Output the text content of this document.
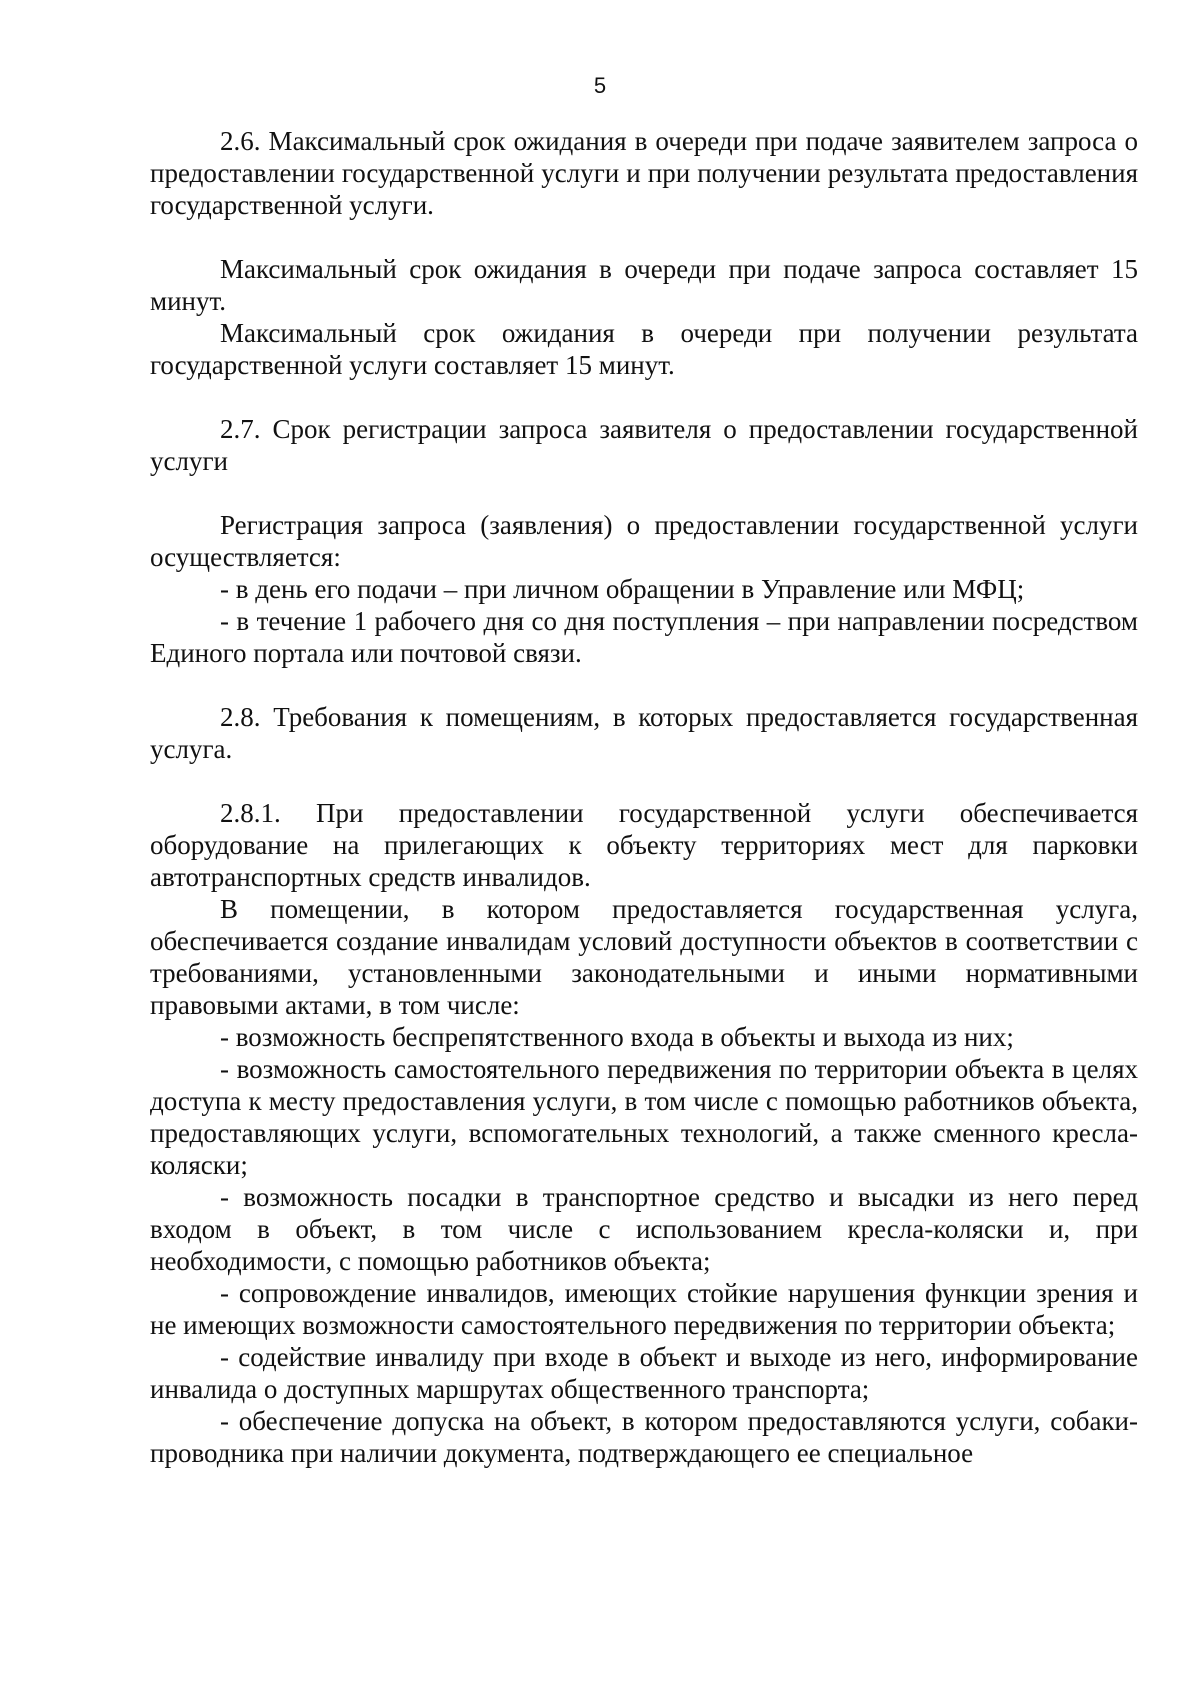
5

2.6. Максимальный срок ожидания в очереди при подаче заявителем запроса о предоставлении государственной услуги и при получении результата предоставления государственной услуги.

Максимальный срок ожидания в очереди при подаче запроса составляет 15 минут.

Максимальный срок ожидания в очереди при получении результата государственной услуги составляет 15 минут.

2.7. Срок регистрации запроса заявителя о предоставлении государственной услуги

Регистрация запроса (заявления) о предоставлении государственной услуги осуществляется:

- в день его подачи – при личном обращении в Управление или МФЦ;

- в течение 1 рабочего дня со дня поступления – при направлении посредством Единого портала или почтовой связи.

2.8. Требования к помещениям, в которых предоставляется государственная услуга.

2.8.1. При предоставлении государственной услуги обеспечивается оборудование на прилегающих к объекту территориях мест для парковки автотранспортных средств инвалидов.

В помещении, в котором предоставляется государственная услуга, обеспечивается создание инвалидам условий доступности объектов в соответствии с требованиями, установленными законодательными и иными нормативными правовыми актами, в том числе:

- возможность беспрепятственного входа в объекты и выхода из них;

- возможность самостоятельного передвижения по территории объекта в целях доступа к месту предоставления услуги, в том числе с помощью работников объекта, предоставляющих услуги, вспомогательных технологий, а также сменного кресла-коляски;

- возможность посадки в транспортное средство и высадки из него перед входом в объект, в том числе с использованием кресла-коляски и, при необходимости, с помощью работников объекта;

- сопровождение инвалидов, имеющих стойкие нарушения функции зрения и не имеющих возможности самостоятельного передвижения по территории объекта;

- содействие инвалиду при входе в объект и выходе из него, информирование инвалида о доступных маршрутах общественного транспорта;

- обеспечение допуска на объект, в котором предоставляются услуги, собаки-проводника при наличии документа, подтверждающего ее специальное
